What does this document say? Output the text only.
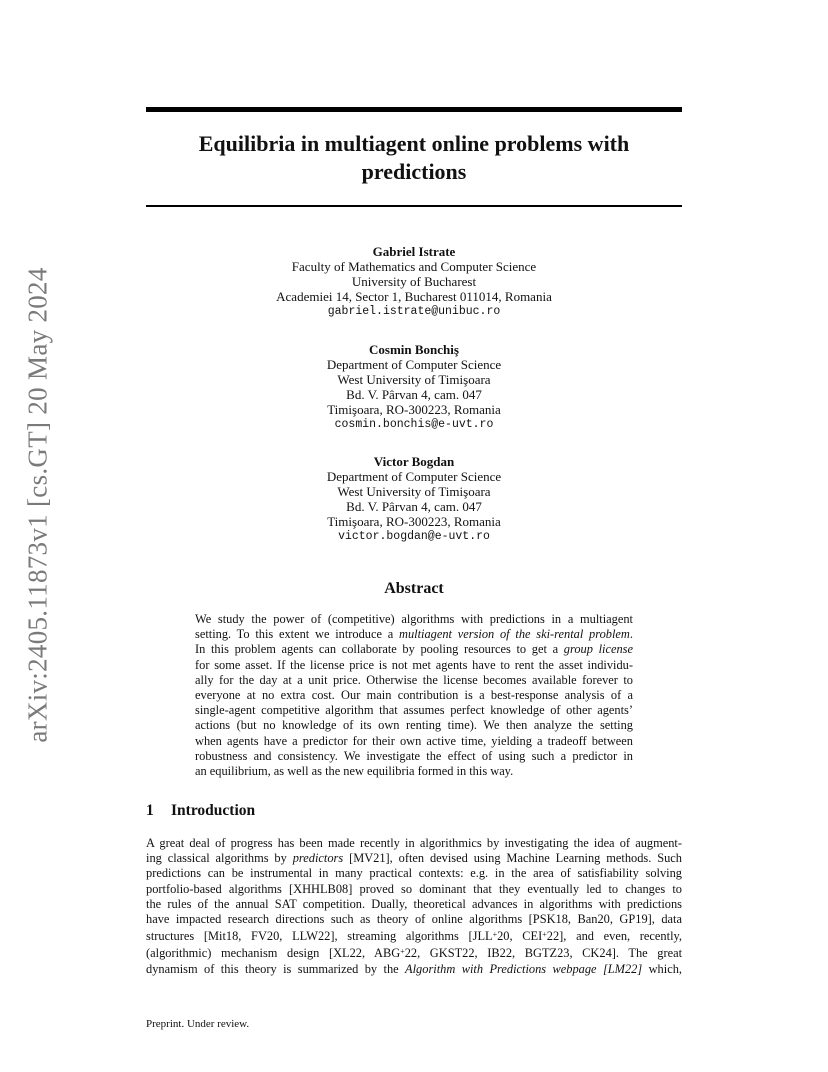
arXiv:2405.11873v1 [cs.GT] 20 May 2024
Equilibria in multiagent online problems with
predictions
Gabriel Istrate
Faculty of Mathematics and Computer Science
University of Bucharest
Academiei 14, Sector 1, Bucharest 011014, Romania
gabriel.istrate@unibuc.ro
Cosmin Bonchiş
Department of Computer Science
West University of Timişoara
Bd. V. Pârvan 4, cam. 047
Timişoara, RO-300223, Romania
cosmin.bonchis@e-uvt.ro
Victor Bogdan
Department of Computer Science
West University of Timişoara
Bd. V. Pârvan 4, cam. 047
Timişoara, RO-300223, Romania
victor.bogdan@e-uvt.ro
Abstract
We study the power of (competitive) algorithms with predictions in a multiagent
setting. To this extent we introduce a multiagent version of the ski-rental problem.
In this problem agents can collaborate by pooling resources to get a group license
for some asset. If the license price is not met agents have to rent the asset individu-
ally for the day at a unit price. Otherwise the license becomes available forever to
everyone at no extra cost. Our main contribution is a best-response analysis of a
single-agent competitive algorithm that assumes perfect knowledge of other agents’
actions (but no knowledge of its own renting time). We then analyze the setting
when agents have a predictor for their own active time, yielding a tradeoff between
robustness and consistency. We investigate the effect of using such a predictor in
an equilibrium, as well as the new equilibria formed in this way.
1 Introduction
A great deal of progress has been made recently in algorithmics by investigating the idea of augment-
ing classical algorithms by predictors [MV21], often devised using Machine Learning methods. Such
predictions can be instrumental in many practical contexts: e.g. in the area of satisfiability solving
portfolio-based algorithms [XHHLB08] proved so dominant that they eventually led to changes to
the rules of the annual SAT competition. Dually, theoretical advances in algorithms with predictions
have impacted research directions such as theory of online algorithms [PSK18, Ban20, GP19], data
structures [Mit18, FV20, LLW22], streaming algorithms [JLL+20, CEI+22], and even, recently,
(algorithmic) mechanism design [XL22, ABG+22, GKST22, IB22, BGTZ23, CK24]. The great
dynamism of this theory is summarized by the Algorithm with Predictions webpage [LM22] which,
Preprint. Under review.
